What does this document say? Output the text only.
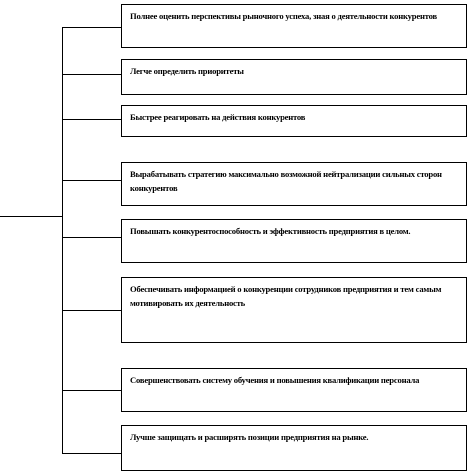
Полнее оценить перспективы рыночного успеха, зная о деятельности конкурентов
Легче определить приоритеты
Быстрее реагировать на действия конкурентов
Вырабатывать стратегию максимально возможной нейтрализации сильных сторон конкурентов
Повышать конкурентоспособность и эффективность предприятия в целом.
Обеспечивать информацией о конкуренции сотрудников предприятия и тем самым мотивировать их деятельность
Совершенствовать систему обучения и повышения квалификации персонала
Лучше защищать и расширять позиции предприятия на рынке.
